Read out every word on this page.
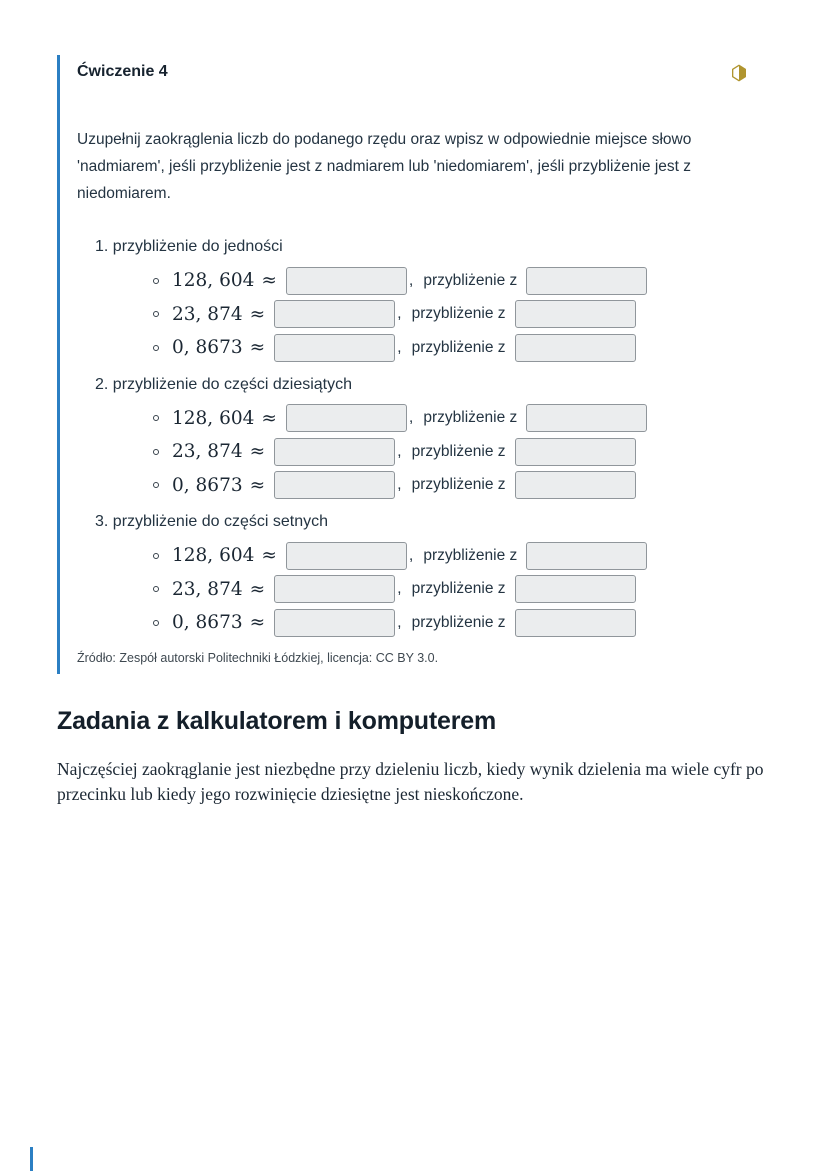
Ćwiczenie 4

Uzupełnij zaokrąglenia liczb do podanego rzędu oraz wpisz w odpowiednie miejsce słowo 'nadmiarem', jeśli przybliżenie jest z nadmiarem lub 'niedomiarem', jeśli przybliżenie jest z niedomiarem.

1. przybliżenie do jedności
128, 604 ≈	, przybliżenie z
23, 874 ≈	, przybliżenie z
0, 8673 ≈	, przybliżenie z
2. przybliżenie do części dziesiątych
128, 604 ≈	, przybliżenie z
23, 874 ≈	, przybliżenie z
0, 8673 ≈	, przybliżenie z
3. przybliżenie do części setnych
128, 604 ≈	, przybliżenie z
23, 874 ≈	, przybliżenie z
0, 8673 ≈	, przybliżenie z

Źródło: Zespół autorski Politechniki Łódzkiej, licencja: CC BY 3.0.

Zadania z kalkulatorem i komputerem

Najczęściej zaokrąglanie jest niezbędne przy dzieleniu liczb, kiedy wynik dzielenia ma wiele cyfr po przecinku lub kiedy jego rozwinięcie dziesiętne jest nieskończone.
